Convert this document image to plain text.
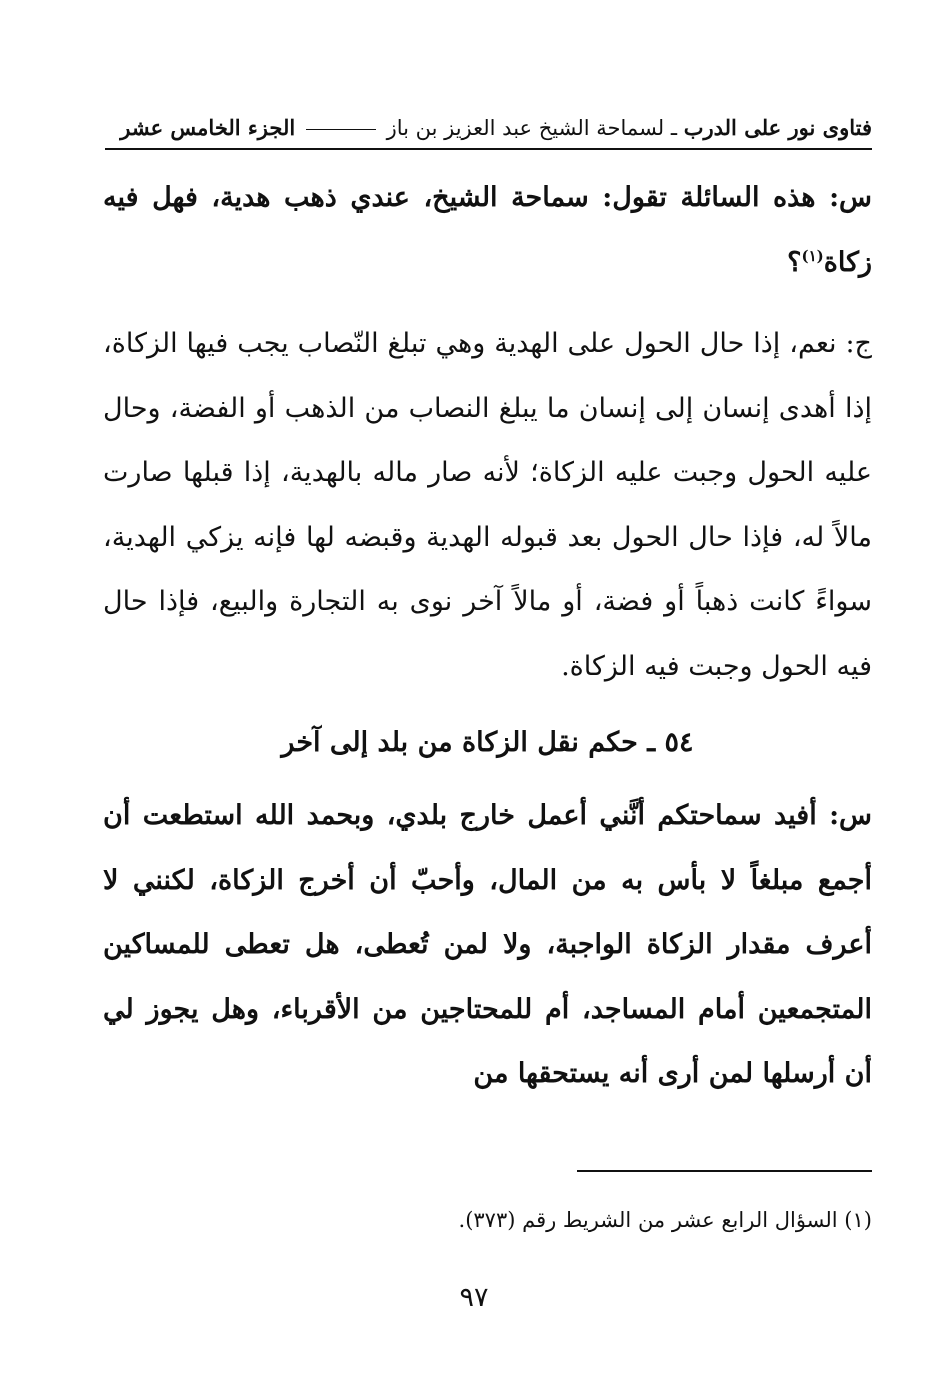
فتاوى نور على الدرب ـ لسماحة الشيخ عبد العزيز بن باز  الجزء الخامس عشر

س: هذه السائلة تقول: سماحة الشيخ، عندي ذهب هدية، فهل فيه زكاة$^{(١)}$؟

ج: نعم، إذا حال الحول على الهدية وهي تبلغ النّصاب يجب فيها الزكاة، إذا أهدى إنسان إلى إنسان ما يبلغ النصاب من الذهب أو الفضة، وحال عليه الحول وجبت عليه الزكاة؛ لأنه صار ماله بالهدية، إذا قبلها صارت مالاً له، فإذا حال الحول بعد قبوله الهدية وقبضه لها فإنه يزكي الهدية، سواءً كانت ذهباً أو فضة، أو مالاً آخر نوى به التجارة والبيع، فإذا حال فيه الحول وجبت فيه الزكاة.

٥٤ ـ حكم نقل الزكاة من بلد إلى آخر

س: أفيد سماحتكم أنَّني أعمل خارج بلدي، وبحمد الله استطعت أن أجمع مبلغاً لا بأس به من المال، وأحبّ أن أخرج الزكاة، لكنني لا أعرف مقدار الزكاة الواجبة، ولا لمن تُعطى، هل تعطى للمساكين المتجمعين أمام المساجد، أم للمحتاجين من الأقرباء، وهل يجوز لي أن أرسلها لمن أرى أنه يستحقها من

(١) السؤال الرابع عشر من الشريط رقم (٣٧٣).
٩٧
